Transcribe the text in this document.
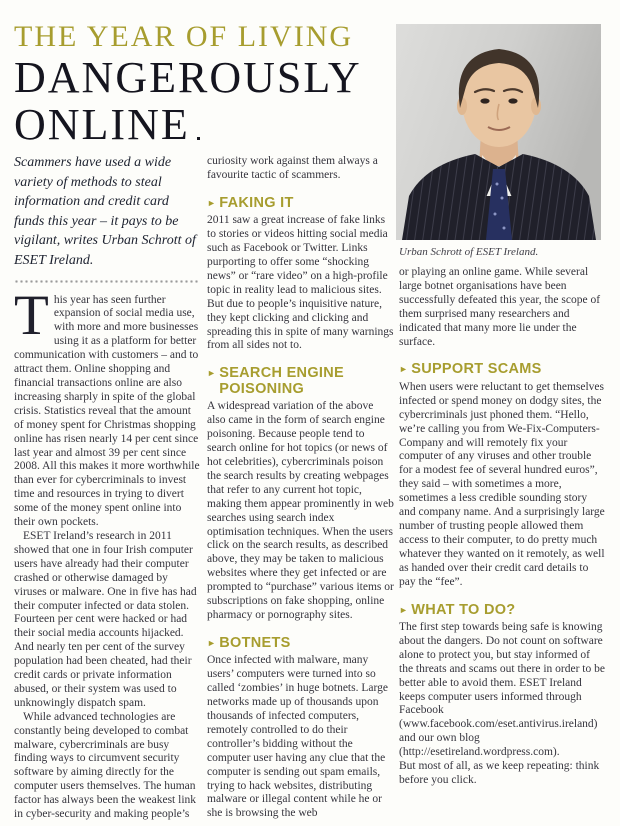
THE YEAR OF LIVING
DANGEROUSLY
ONLINE
Scammers have used a wide variety of methods to steal information and credit card funds this year – it pays to be vigilant, writes Urban Schrott of ESET Ireland.

This year has seen further expansion of social media use, with more and more businesses using it as a platform for better communication with customers – and to attract them. Online shopping and financial transactions online are also increasing sharply in spite of the global crisis. Statistics reveal that the amount of money spent for Christmas shopping online has risen nearly 14 per cent since last year and almost 39 per cent since 2008. All this makes it more worthwhile than ever for cybercriminals to invest time and resources in trying to divert some of the money spent online into their own pockets.

ESET Ireland’s research in 2011 showed that one in four Irish computer users have already had their computer crashed or otherwise damaged by viruses or malware. One in five has had their computer infected or data stolen. Fourteen per cent were hacked or had their social media accounts hijacked. And nearly ten per cent of the survey population had been cheated, had their credit cards or private information abused, or their system was used to unknowingly dispatch spam.

While advanced technologies are constantly being developed to combat malware, cybercriminals are busy finding ways to circumvent security software by aiming directly for the computer users themselves. The human factor has always been the weakest link in cyber-security and making people’s

curiosity work against them always a favourite tactic of scammers.

► FAKING IT

2011 saw a great increase of fake links to stories or videos hitting social media such as Facebook or Twitter. Links purporting to offer some “shocking news” or “rare video” on a high-profile topic in reality lead to malicious sites. But due to people’s inquisitive nature, they kept clicking and clicking and spreading this in spite of many warnings from all sides not to.

► SEARCH ENGINE POISONING

A widespread variation of the above also came in the form of search engine poisoning. Because people tend to search online for hot topics (or news of hot celebrities), cybercriminals poison the search results by creating webpages that refer to any current hot topic, making them appear prominently in web searches using search index optimisation techniques. When the users click on the search results, as described above, they may be taken to malicious websites where they get infected or are prompted to “purchase” various items or subscriptions on fake shopping, online pharmacy or pornography sites.

► BOTNETS

Once infected with malware, many users’ computers were turned into so called ‘zombies’ in huge botnets. Large networks made up of thousands upon thousands of infected computers, remotely controlled to do their controller’s bidding without the computer user having any clue that the computer is sending out spam emails, trying to hack websites, distributing malware or illegal content while he or she is browsing the web

Urban Schrott of ESET Ireland.

or playing an online game. While several large botnet organisations have been successfully defeated this year, the scope of them surprised many researchers and indicated that many more lie under the surface.

► SUPPORT SCAMS

When users were reluctant to get themselves infected or spend money on dodgy sites, the cybercriminals just phoned them. “Hello, we’re calling you from We-Fix-Computers-Company and will remotely fix your computer of any viruses and other trouble for a modest fee of several hundred euros”, they said – with sometimes a more, sometimes a less credible sounding story and company name. And a surprisingly large number of trusting people allowed them access to their computer, to do pretty much whatever they wanted on it remotely, as well as handed over their credit card details to pay the “fee”.

► WHAT TO DO?

The first step towards being safe is knowing about the dangers. Do not count on software alone to protect you, but stay informed of the threats and scams out there in order to be better able to avoid them. ESET Ireland keeps computer users informed through Facebook (www.facebook.com/eset.antivirus.ireland) and our own blog (http://esetireland.wordpress.com).

But most of all, as we keep repeating: think before you click.
